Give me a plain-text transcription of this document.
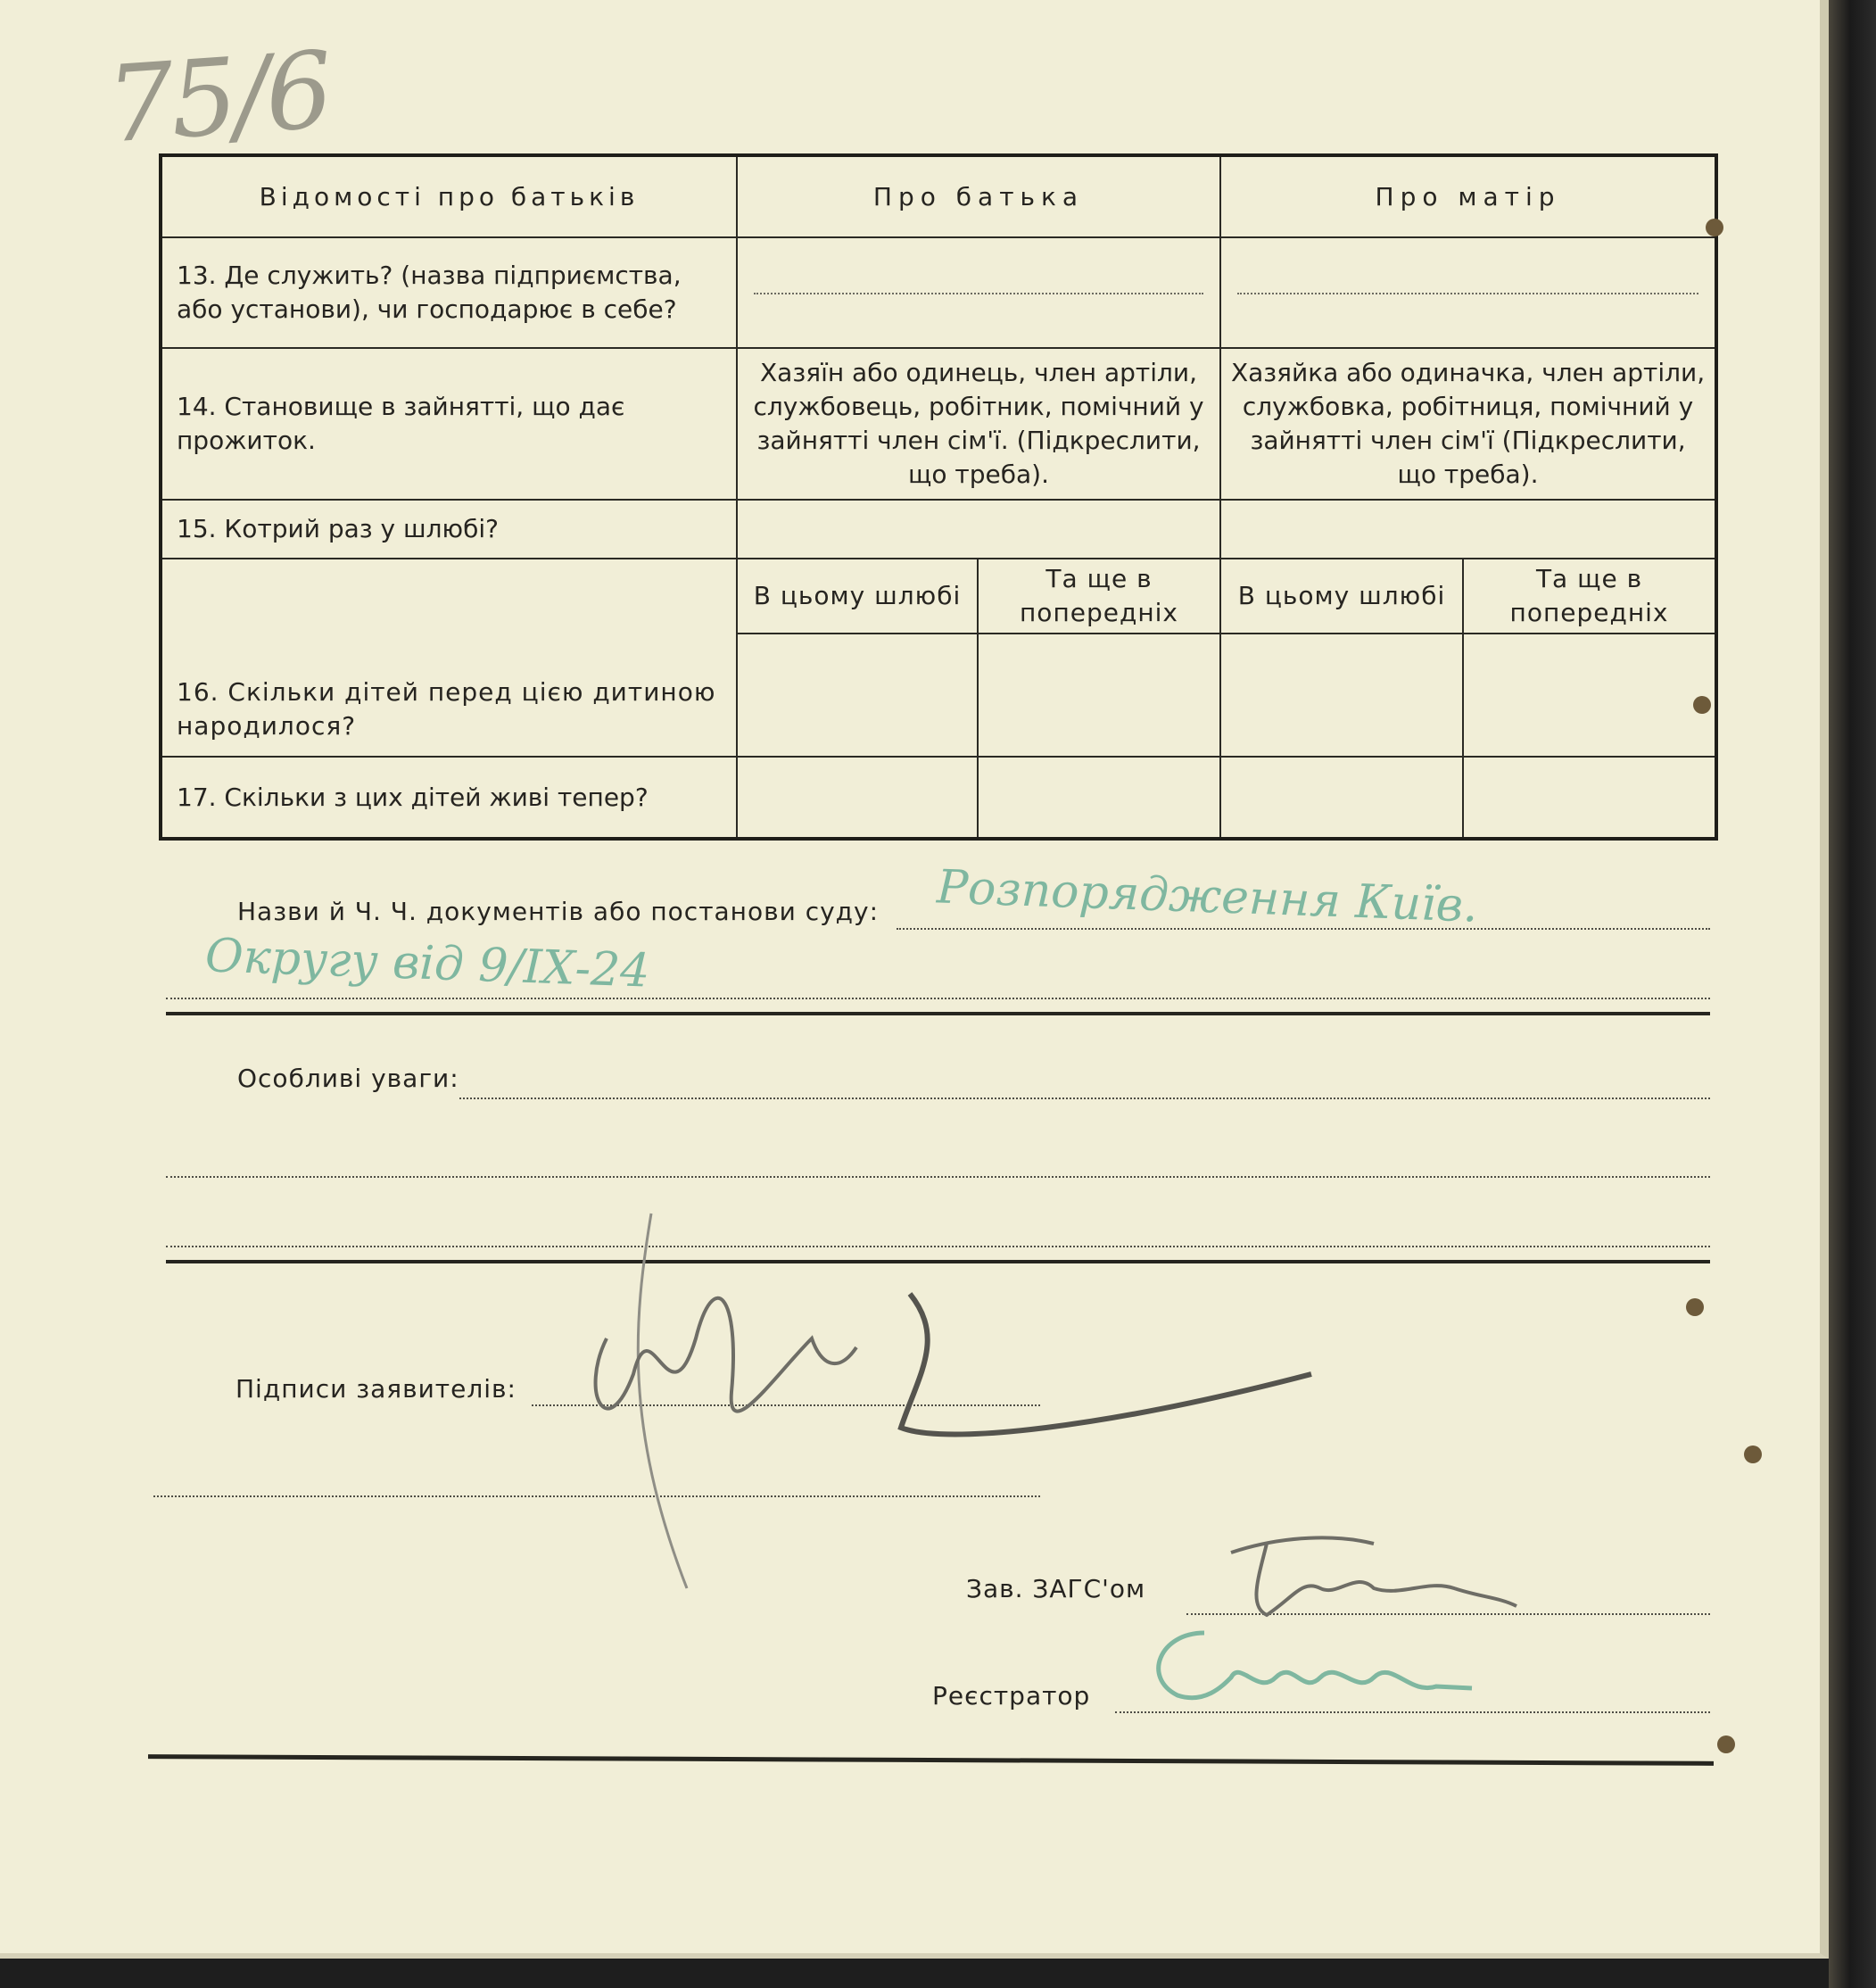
75/6
Відомості про батьків	Про батька		Про матір	
13. Де служить? (назва підприємства, або установи), чи господарює в себе?			

14. Становище в зайнятті, що дає прожиток.	Хазяїн або одинець, член артіли, службовець, робітник, помічний у зайнятті член сім'ї. (Підкреслити, що треба).		Хазяйка або одиначка, член артіли, службовка, робітниця, помічний у зайнятті член сім'ї (Підкреслити, що треба).	
15. Котрий раз у шлюбі?				
16. Скільки дітей перед цією дитиною народилося?	В цьому шлюбі	Та ще в попередніх	В цьому шлюбі	Та ще в попередніх

17. Скільки з цих дітей живі тепер?				
Назви й Ч. Ч. документів або постанови суду: Розпорядження Київ.
Округу від 9/ІХ-24
Особливі уваги:
Підписи заявителів:
Зав. ЗАГС'ом
Реєстратор
